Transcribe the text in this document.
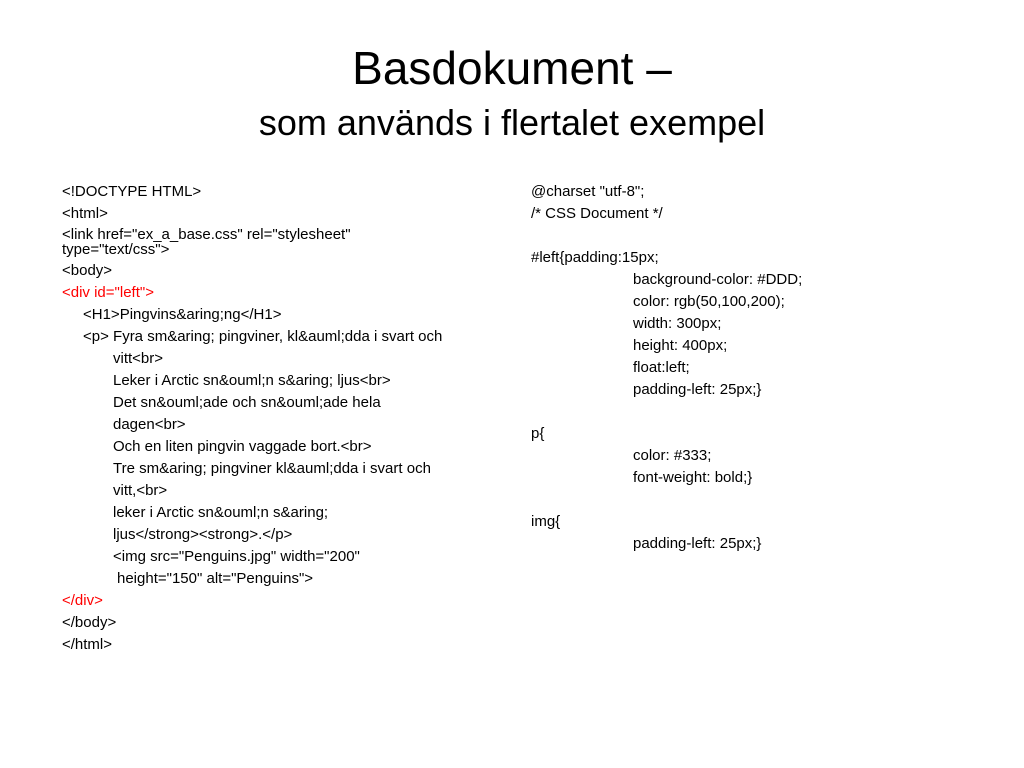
Basdokument –
som används i flertalet exempel
<!DOCTYPE HTML>
<html>
<link href="ex_a_base.css" rel="stylesheet" type="text/css">
<body>
<div id="left">
<H1>Pingvins&aring;ng</H1>
<p> Fyra sm&aring; pingviner, kl&auml;dda i svart och
vitt<br>
Leker i Arctic sn&ouml;n s&aring; ljus<br>
Det sn&ouml;ade och sn&ouml;ade hela
dagen<br>
Och en liten pingvin vaggade bort.<br>
Tre sm&aring; pingviner kl&auml;dda i svart och
vitt,<br>
leker i Arctic sn&ouml;n s&aring;
ljus</strong><strong>.</p>
<img src="Penguins.jpg" width="200"
height="150" alt="Penguins">
</div>
</body>
</html>
@charset "utf-8";
/* CSS Document */
#left{padding:15px;
background-color: #DDD;
color: rgb(50,100,200);
width: 300px;
height: 400px;
float:left;
padding-left: 25px;}
p{
color: #333;
font-weight: bold;}
img{
padding-left: 25px;}
